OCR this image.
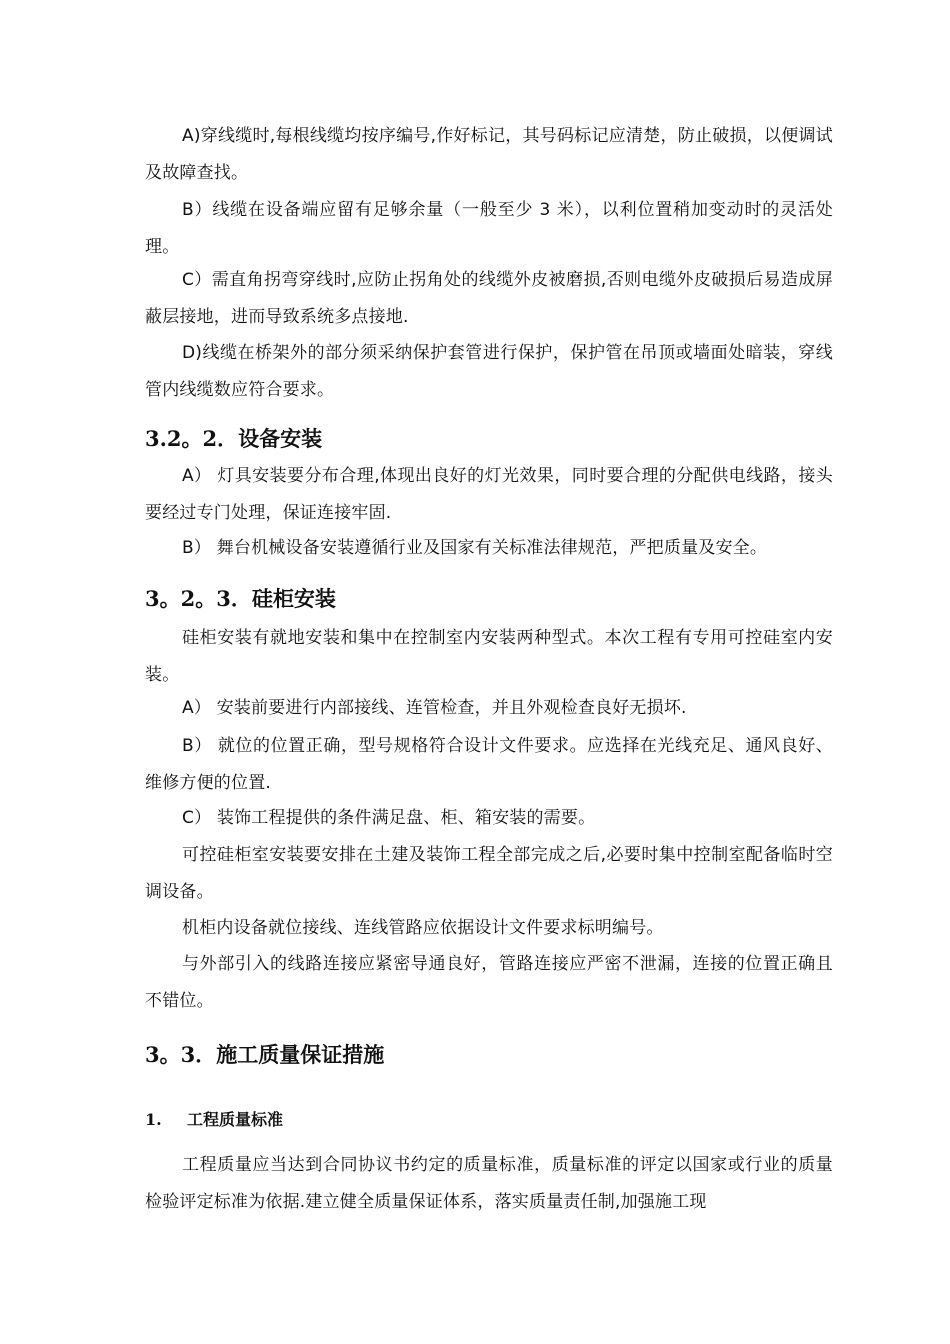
A)穿线缆时,每根线缆均按序编号,作好标记，其号码标记应清楚，防止破损，以便调试及故障查找。

B）线缆在设备端应留有足够余量（一般至少 3 米），以利位置稍加变动时的灵活处理。

C）需直角拐弯穿线时,应防止拐角处的线缆外皮被磨损,否则电缆外皮破损后易造成屏蔽层接地，进而导致系统多点接地.

D)线缆在桥架外的部分须采纳保护套管进行保护，保护管在吊顶或墙面处暗装，穿线管内线缆数应符合要求。

3.2。2．设备安装

A） 灯具安装要分布合理,体现出良好的灯光效果，同时要合理的分配供电线路，接头要经过专门处理，保证连接牢固.

B） 舞台机械设备安装遵循行业及国家有关标准法律规范，严把质量及安全。

3。2。3．硅柜安装

硅柜安装有就地安装和集中在控制室内安装两种型式。本次工程有专用可控硅室内安装。

A） 安装前要进行内部接线、连管检查，并且外观检查良好无损坏.

B） 就位的位置正确，型号规格符合设计文件要求。应选择在光线充足、通风良好、维修方便的位置.

C） 装饰工程提供的条件满足盘、柜、箱安装的需要。

可控硅柜室安装要安排在土建及装饰工程全部完成之后,必要时集中控制室配备临时空调设备。

机柜内设备就位接线、连线管路应依据设计文件要求标明编号。

与外部引入的线路连接应紧密导通良好，管路连接应严密不泄漏，连接的位置正确且不错位。

3。3．施工质量保证措施
1. 工程质量标准

工程质量应当达到合同协议书约定的质量标准，质量标准的评定以国家或行业的质量检验评定标准为依据.建立健全质量保证体系，落实质量责任制,加强施工现
